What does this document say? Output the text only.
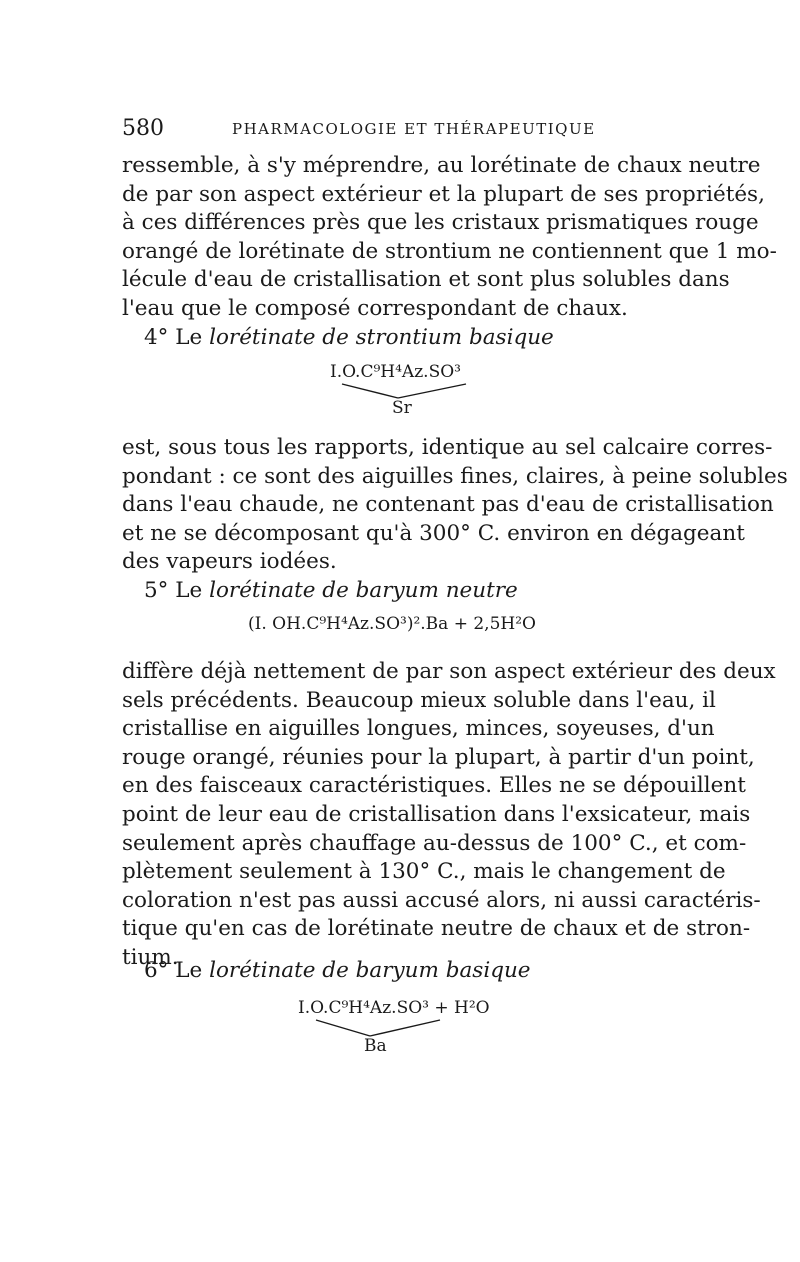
580	PHARMACOLOGIE ET THÉRAPEUTIQUE
ressemble, à s'y méprendre, au lorétinate de chaux neutre
de par son aspect extérieur et la plupart de ses propriétés,
à ces différences près que les cristaux prismatiques rouge
orangé de lorétinate de strontium ne contiennent que 1 mo-
lécule d'eau de cristallisation et sont plus solubles dans
l'eau que le composé correspondant de chaux.
4° Le lorétinate de strontium basique
I.O.C⁹H⁴Az.SO³
Sr
est, sous tous les rapports, identique au sel calcaire corres-
pondant : ce sont des aiguilles fines, claires, à peine solubles
dans l'eau chaude, ne contenant pas d'eau de cristallisation
et ne se décomposant qu'à 300° C. environ en dégageant
des vapeurs iodées.
5° Le lorétinate de baryum neutre
(I. OH.C⁹H⁴Az.SO³)².Ba + 2,5H²O
diffère déjà nettement de par son aspect extérieur des deux
sels précédents. Beaucoup mieux soluble dans l'eau, il
cristallise en aiguilles longues, minces, soyeuses, d'un
rouge orangé, réunies pour la plupart, à partir d'un point,
en des faisceaux caractéristiques. Elles ne se dépouillent
point de leur eau de cristallisation dans l'exsicateur, mais
seulement après chauffage au-dessus de 100° C., et com-
plètement seulement à 130° C., mais le changement de
coloration n'est pas aussi accusé alors, ni aussi caractéris-
tique qu'en cas de lorétinate neutre de chaux et de stron-
tium.
6° Le lorétinate de baryum basique
I.O.C⁹H⁴Az.SO³ + H²O
Ba
